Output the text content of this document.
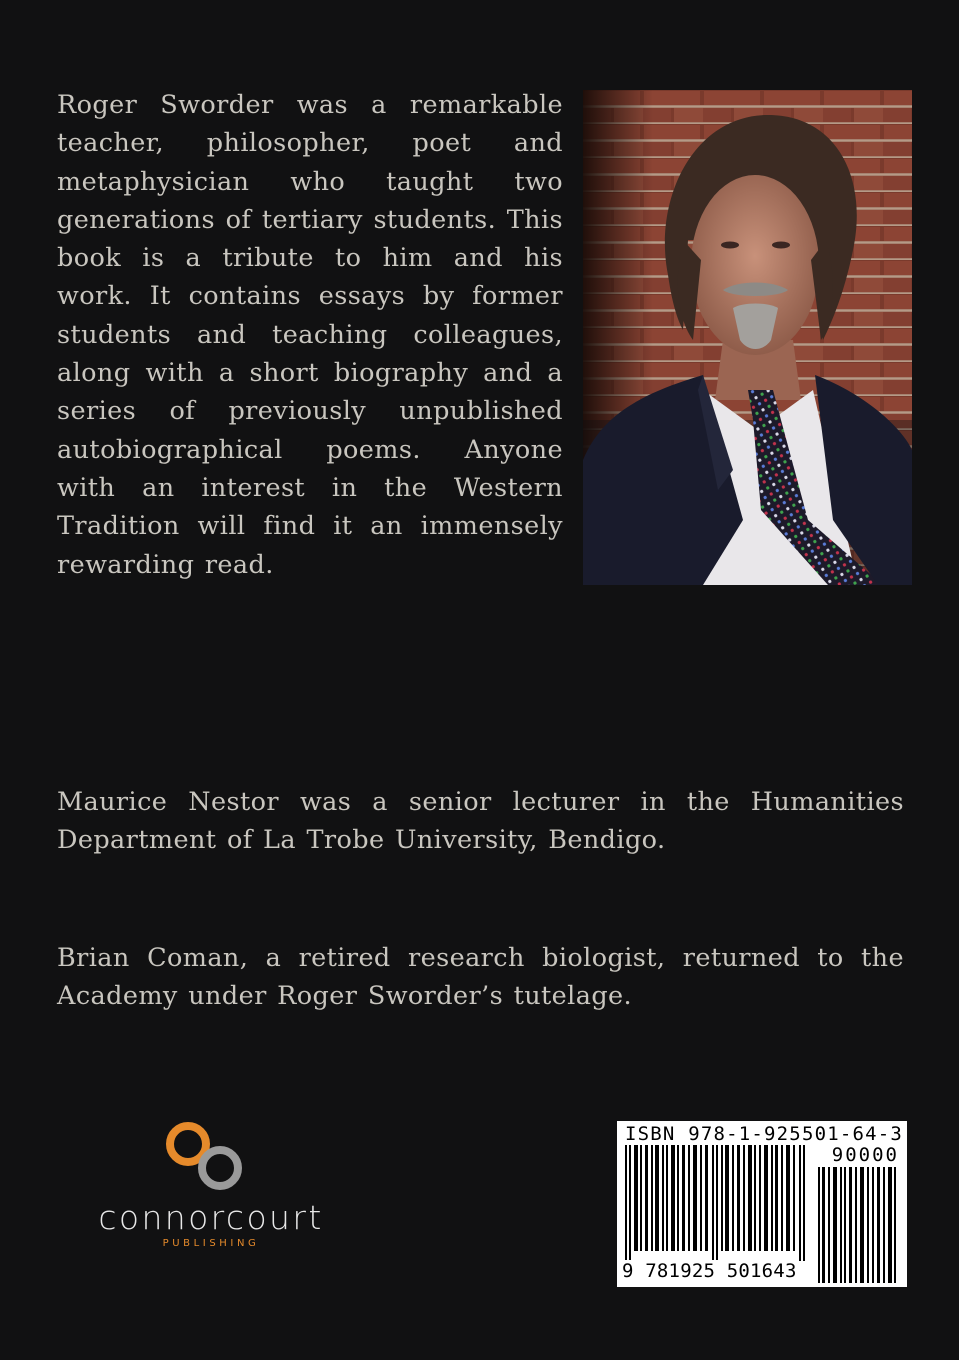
Roger Sworder was a remarkable teacher, philosopher, poet and metaphysician who taught two generations of tertiary students. This book is a tribute to him and his work. It contains essays by former students and teaching colleagues, along with a short biography and a series of previously unpublished autobiographical poems. Anyone with an interest in the Western Tradition will find it an immensely rewarding read.

Maurice Nestor was a senior lecturer in the Humanities Department of La Trobe University, Bendigo.

Brian Coman, a retired research biologist, returned to the Academy under Roger Sworder’s tutelage.

connorcourt
PUBLISHING
ISBN 978-1-925501-64-3
90000
9 781925 501643
